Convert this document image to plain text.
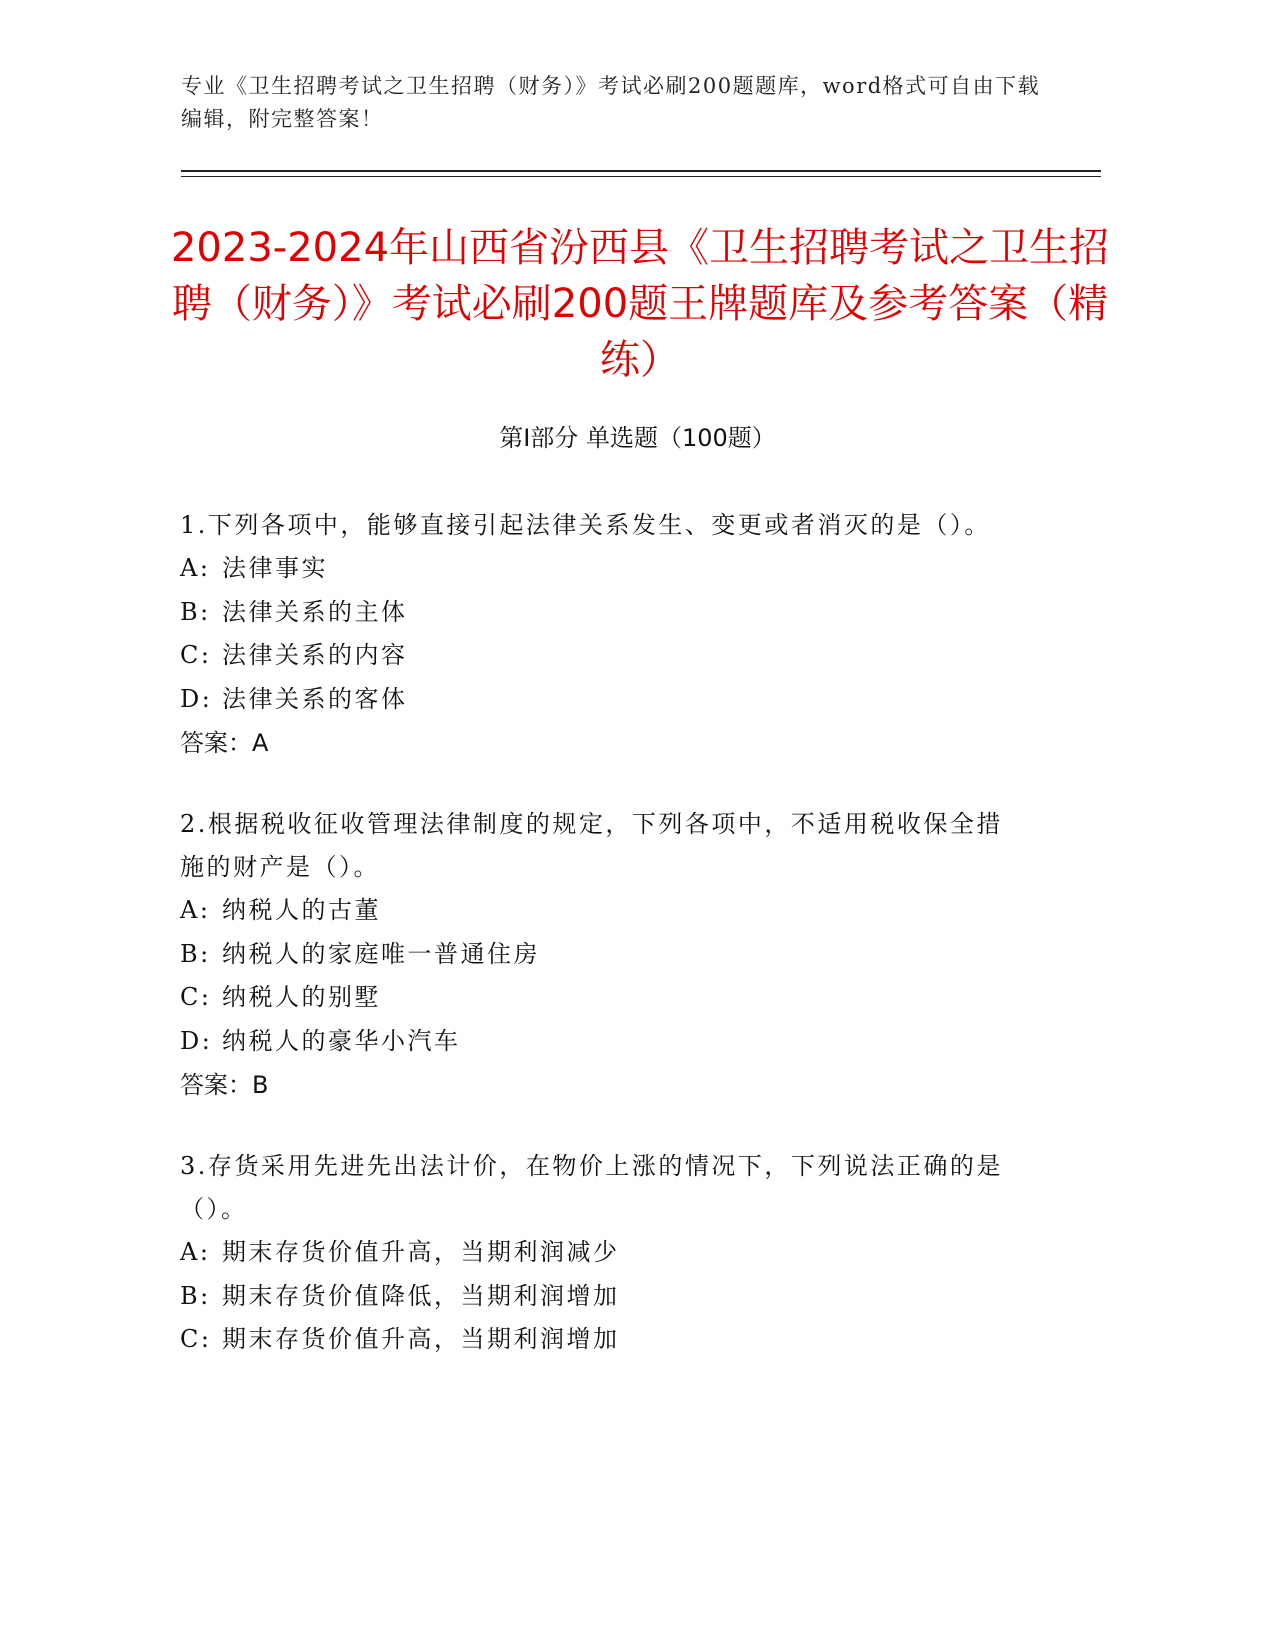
专业《卫生招聘考试之卫生招聘（财务）》考试必刷200题题库，word格式可自由下载编辑，附完整答案！
2023-2024年山西省汾西县《卫生招聘考试之卫生招聘（财务）》考试必刷200题王牌题库及参考答案（精练）
第Ⅰ部分 单选题（100题）

1.下列各项中，能够直接引起法律关系发生、变更或者消灭的是（）。

A: 法律事实

B: 法律关系的主体

C: 法律关系的内容

D: 法律关系的客体

答案：A

2.根据税收征收管理法律制度的规定，下列各项中，不适用税收保全措施的财产是（）。

A: 纳税人的古董

B: 纳税人的家庭唯一普通住房

C: 纳税人的别墅

D: 纳税人的豪华小汽车

答案：B

3.存货采用先进先出法计价，在物价上涨的情况下，下列说法正确的是（）。

A: 期末存货价值升高，当期利润减少

B: 期末存货价值降低，当期利润增加

C: 期末存货价值升高，当期利润增加
